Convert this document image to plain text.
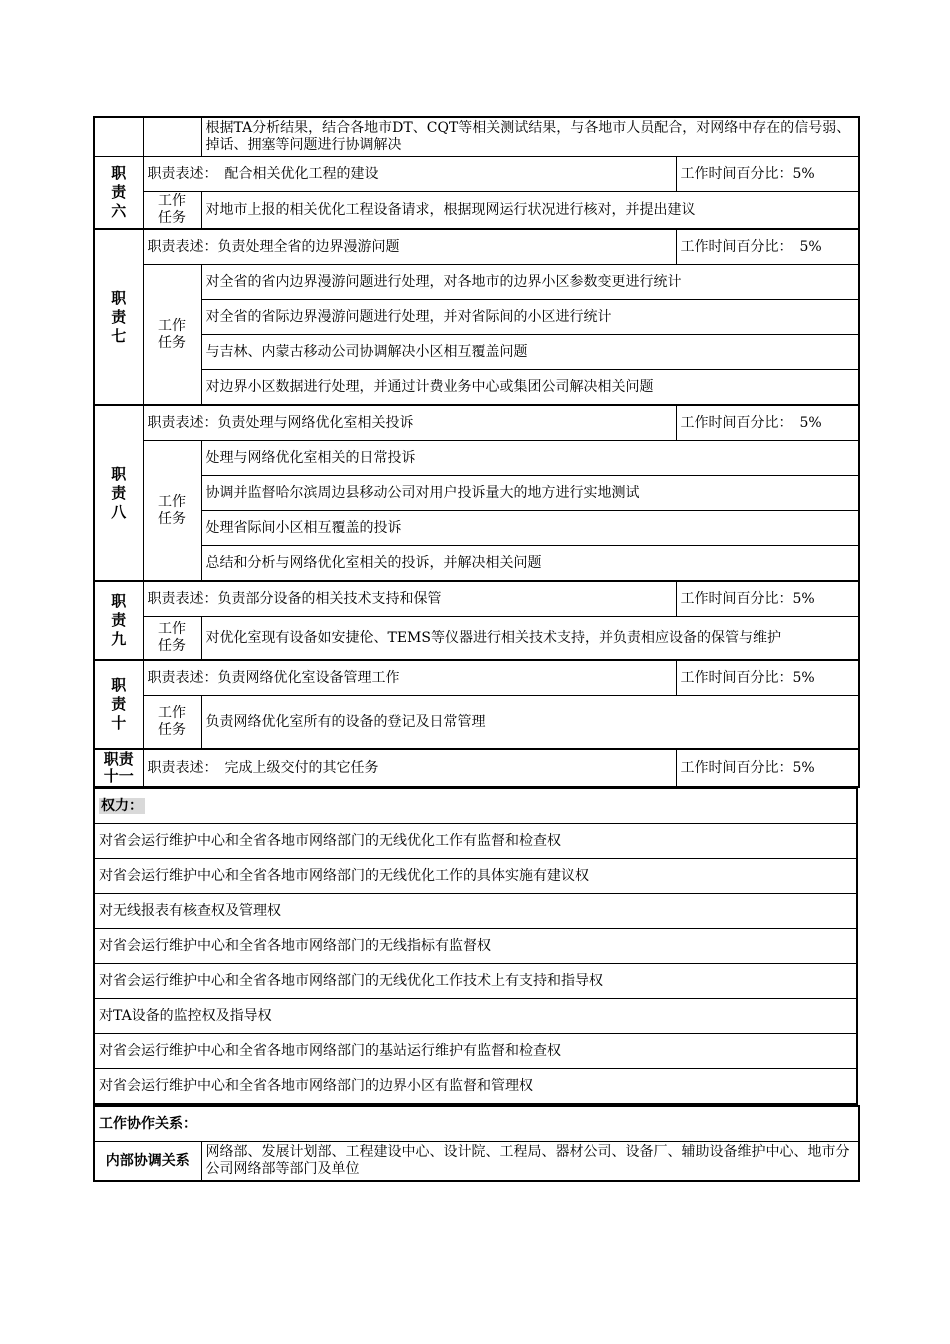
		根据TA分析结果，结合各地市DT、CQT等相关测试结果，与各地市人员配合，对网络中存在的信号弱、掉话、拥塞等问题进行协调解决	
职责六	职责表述：　配合相关优化工程的建设		工作时间百分比：5%
	工作任务	对地市上报的相关优化工程设备请求，根据现网运行状况进行核对，并提出建议	
职责七	职责表述：负责处理全省的边界漫游问题		工作时间百分比：　5%
	工作任务	对全省的省内边界漫游问题进行处理，对各地市的边界小区参数变更进行统计	
		对全省的省际边界漫游问题进行处理，并对省际间的小区进行统计	
		与吉林、内蒙古移动公司协调解决小区相互覆盖问题	
		对边界小区数据进行处理，并通过计费业务中心或集团公司解决相关问题	
职责八	职责表述：负责处理与网络优化室相关投诉		工作时间百分比：　5%
	工作任务	处理与网络优化室相关的日常投诉	
		协调并监督哈尔滨周边县移动公司对用户投诉量大的地方进行实地测试	
		处理省际间小区相互覆盖的投诉	
		总结和分析与网络优化室相关的投诉，并解决相关问题	
职责九	职责表述：负责部分设备的相关技术支持和保管		工作时间百分比：5%
	工作任务	对优化室现有设备如安捷伦、TEMS等仪器进行相关技术支持，并负责相应设备的保管与维护	
职责十	职责表述：负责网络优化室设备管理工作		工作时间百分比：5%
	工作任务	负责网络优化室所有的设备的登记及日常管理	
职责十一	职责表述：　完成上级交付的其它任务		工作时间百分比：5%
权力：
对省会运行维护中心和全省各地市网络部门的无线优化工作有监督和检查权
对省会运行维护中心和全省各地市网络部门的无线优化工作的具体实施有建议权
对无线报表有核查权及管理权
对省会运行维护中心和全省各地市网络部门的无线指标有监督权
对省会运行维护中心和全省各地市网络部门的无线优化工作技术上有支持和指导权
对TA设备的监控权及指导权
对省会运行维护中心和全省各地市网络部门的基站运行维护有监督和检查权
对省会运行维护中心和全省各地市网络部门的边界小区有监督和管理权
工作协作关系：
内部协调关系	网络部、发展计划部、工程建设中心、设计院、工程局、器材公司、设备厂、辅助设备维护中心、地市分公司网络部等部门及单位
